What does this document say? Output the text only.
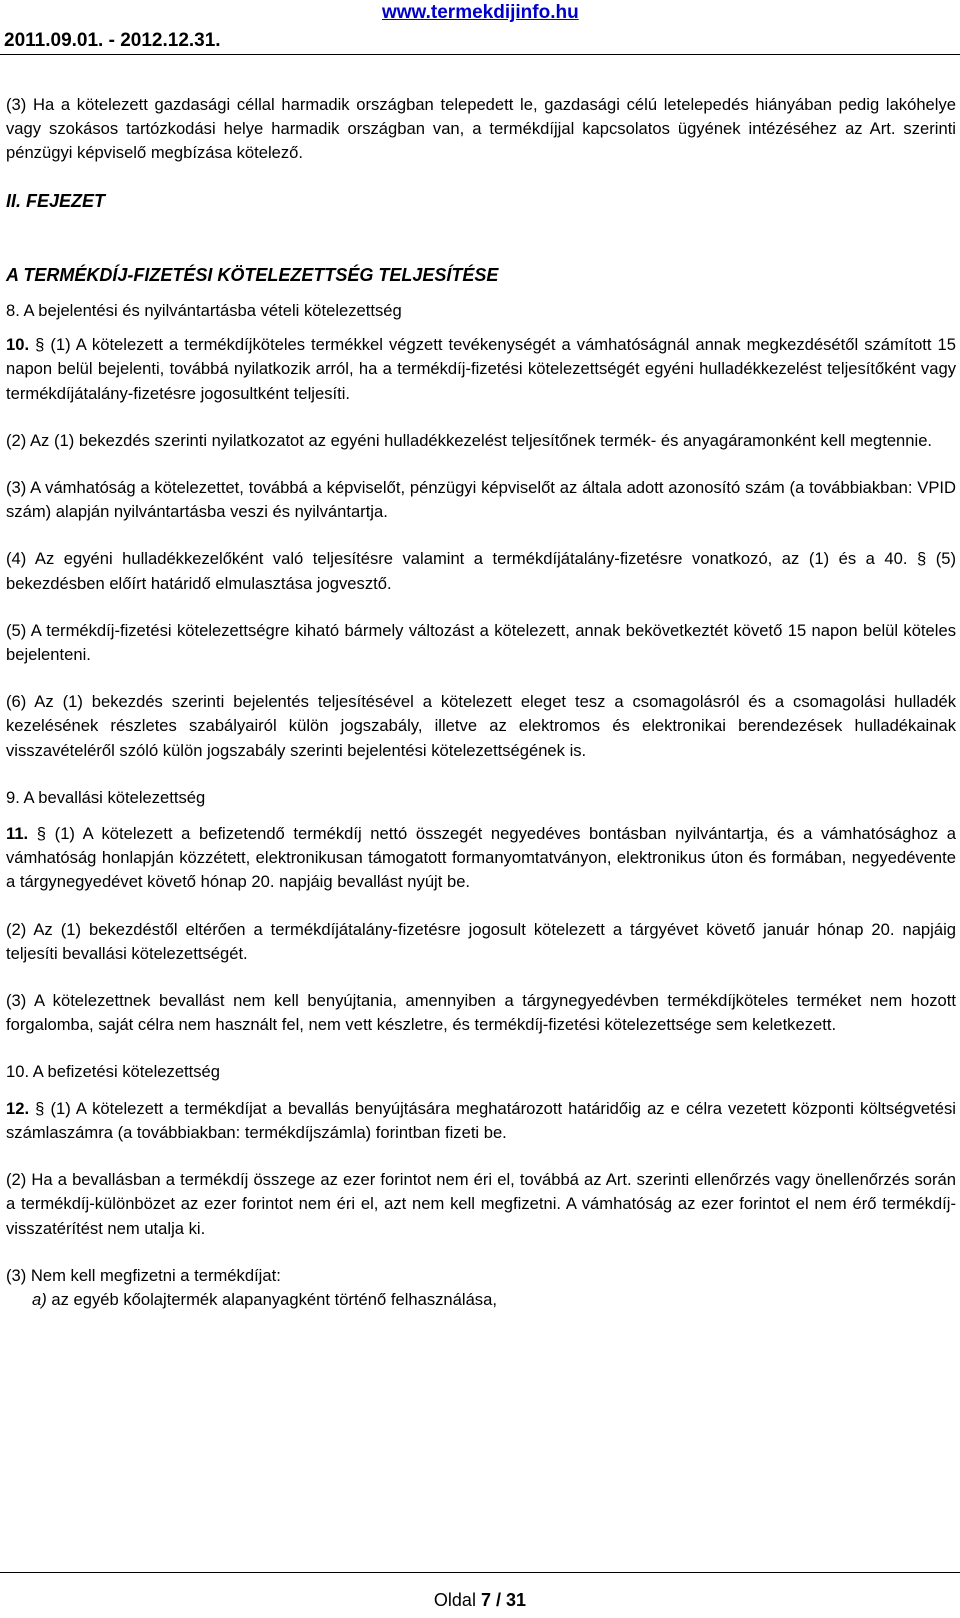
2011.09.01. - 2012.12.31.
www.termekdijinfo.hu

(3) Ha a kötelezett gazdasági céllal harmadik országban telepedett le, gazdasági célú letelepedés hiányában pedig lakóhelye vagy szokásos tartózkodási helye harmadik országban van, a termékdíjjal kapcsolatos ügyének intézéséhez az Art. szerinti pénzügyi képviselő megbízása kötelező.

II. FEJEZET

A TERMÉKDÍJ-FIZETÉSI KÖTELEZETTSÉG TELJESÍTÉSE

8. A bejelentési és nyilvántartásba vételi kötelezettség

10. § (1) A kötelezett a termékdíjköteles termékkel végzett tevékenységét a vámhatóságnál annak megkezdésétől számított 15 napon belül bejelenti, továbbá nyilatkozik arról, ha a termékdíj-fizetési kötelezettségét egyéni hulladékkezelést teljesítőként vagy termékdíjátalány-fizetésre jogosultként teljesíti.

(2) Az (1) bekezdés szerinti nyilatkozatot az egyéni hulladékkezelést teljesítőnek termék- és anyagáramonként kell megtennie.

(3) A vámhatóság a kötelezettet, továbbá a képviselőt, pénzügyi képviselőt az általa adott azonosító szám (a továbbiakban: VPID szám) alapján nyilvántartásba veszi és nyilvántartja.

(4) Az egyéni hulladékkezelőként való teljesítésre valamint a termékdíjátalány-fizetésre vonatkozó, az (1) és a 40. § (5) bekezdésben előírt határidő elmulasztása jogvesztő.

(5) A termékdíj-fizetési kötelezettségre kiható bármely változást a kötelezett, annak bekövetkeztét követő 15 napon belül köteles bejelenteni.

(6) Az (1) bekezdés szerinti bejelentés teljesítésével a kötelezett eleget tesz a csomagolásról és a csomagolási hulladék kezelésének részletes szabályairól külön jogszabály, illetve az elektromos és elektronikai berendezések hulladékainak visszavételéről szóló külön jogszabály szerinti bejelentési kötelezettségének is.

9. A bevallási kötelezettség

11. § (1) A kötelezett a befizetendő termékdíj nettó összegét negyedéves bontásban nyilvántartja, és a vámhatósághoz a vámhatóság honlapján közzétett, elektronikusan támogatott formanyomtatványon, elektronikus úton és formában, negyedévente a tárgynegyedévet követő hónap 20. napjáig bevallást nyújt be.

(2) Az (1) bekezdéstől eltérően a termékdíjátalány-fizetésre jogosult kötelezett a tárgyévet követő január hónap 20. napjáig teljesíti bevallási kötelezettségét.

(3) A kötelezettnek bevallást nem kell benyújtania, amennyiben a tárgynegyedévben termékdíjköteles terméket nem hozott forgalomba, saját célra nem használt fel, nem vett készletre, és termékdíj-fizetési kötelezettsége sem keletkezett.

10. A befizetési kötelezettség

12. § (1) A kötelezett a termékdíjat a bevallás benyújtására meghatározott határidőig az e célra vezetett központi költségvetési számlaszámra (a továbbiakban: termékdíjszámla) forintban fizeti be.

(2) Ha a bevallásban a termékdíj összege az ezer forintot nem éri el, továbbá az Art. szerinti ellenőrzés vagy önellenőrzés során a termékdíj-különbözet az ezer forintot nem éri el, azt nem kell megfizetni. A vámhatóság az ezer forintot el nem érő termékdíj-visszatérítést nem utalja ki.

(3) Nem kell megfizetni a termékdíjat:

a) az egyéb kőolajtermék alapanyagként történő felhasználása,

Oldal 7 / 31
